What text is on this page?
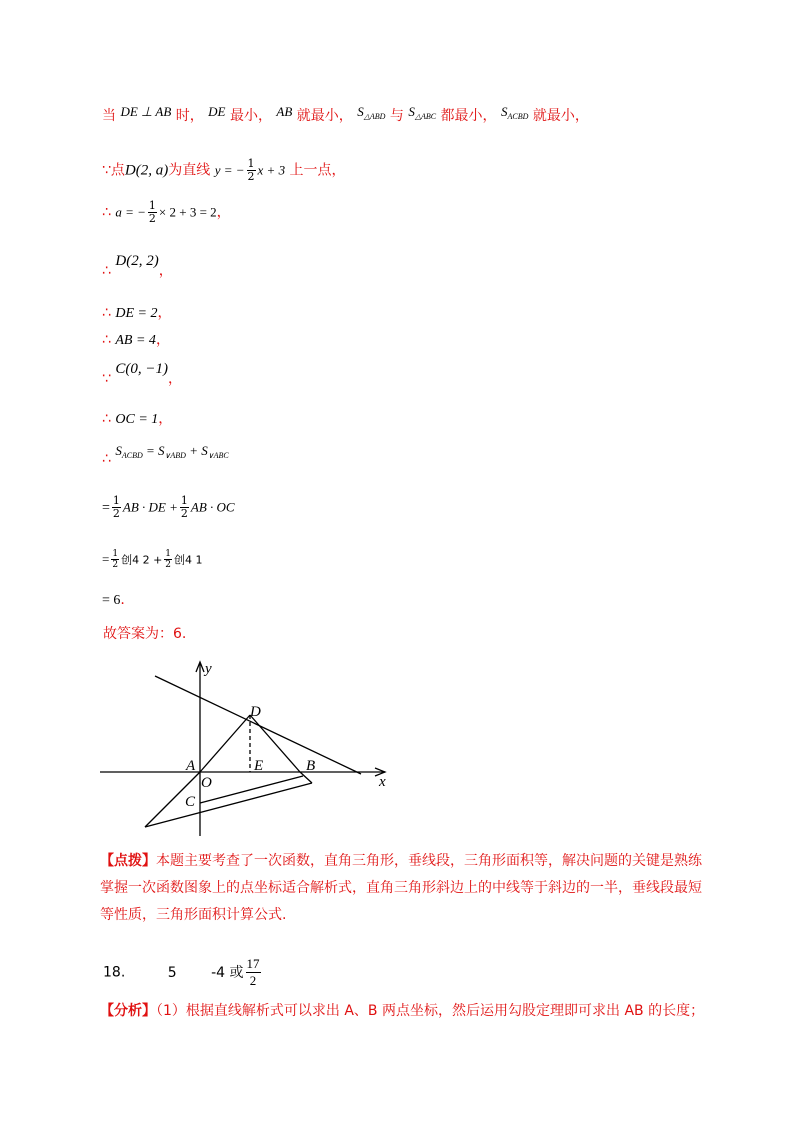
当 DE ⊥ AB 时， DE 最小， AB 就最小， $S_{\triangle ABD}$ 与 $S_{\triangle ABC}$ 都最小， $S_{ACBD}$ 就最小，
∵点D(2, a)为直线 y = − $\frac{1}{2}$ x + 3 上一点，
∴ a = − $\frac{1}{2} \times 2 + 3 = 2$，
∴ D(2, 2)，
∴ DE = 2，
∴ AB = 4，
∵ C(0, −1)，
∴ OC = 1，
∴ $S_{ACBD} = S_{\vee ABD} + S_{\vee ABC}$
= $\frac{1}{2}$ AB · DE + $\frac{1}{2}$ AB · OC
= $\frac{1}{2}$ 创4 $2 + \frac{1}{2}$ 创4 1
= 6.
故答案为：6.
y
x
D
A
O
E	B
C
【点拨】本题主要考查了一次函数，直角三角形，垂线段，三角形面积等，解决问题的关键是熟练掌握一次函数图象上的点坐标适合解析式，直角三角形斜边上的中线等于斜边的一半，垂线段最短等性质，三角形面积计算公式.
18.	5 -4 或 $\frac{17}{2}$
【分析】（1）根据直线解析式可以求出 A、B 两点坐标，然后运用勾股定理即可求出 AB 的长度；
